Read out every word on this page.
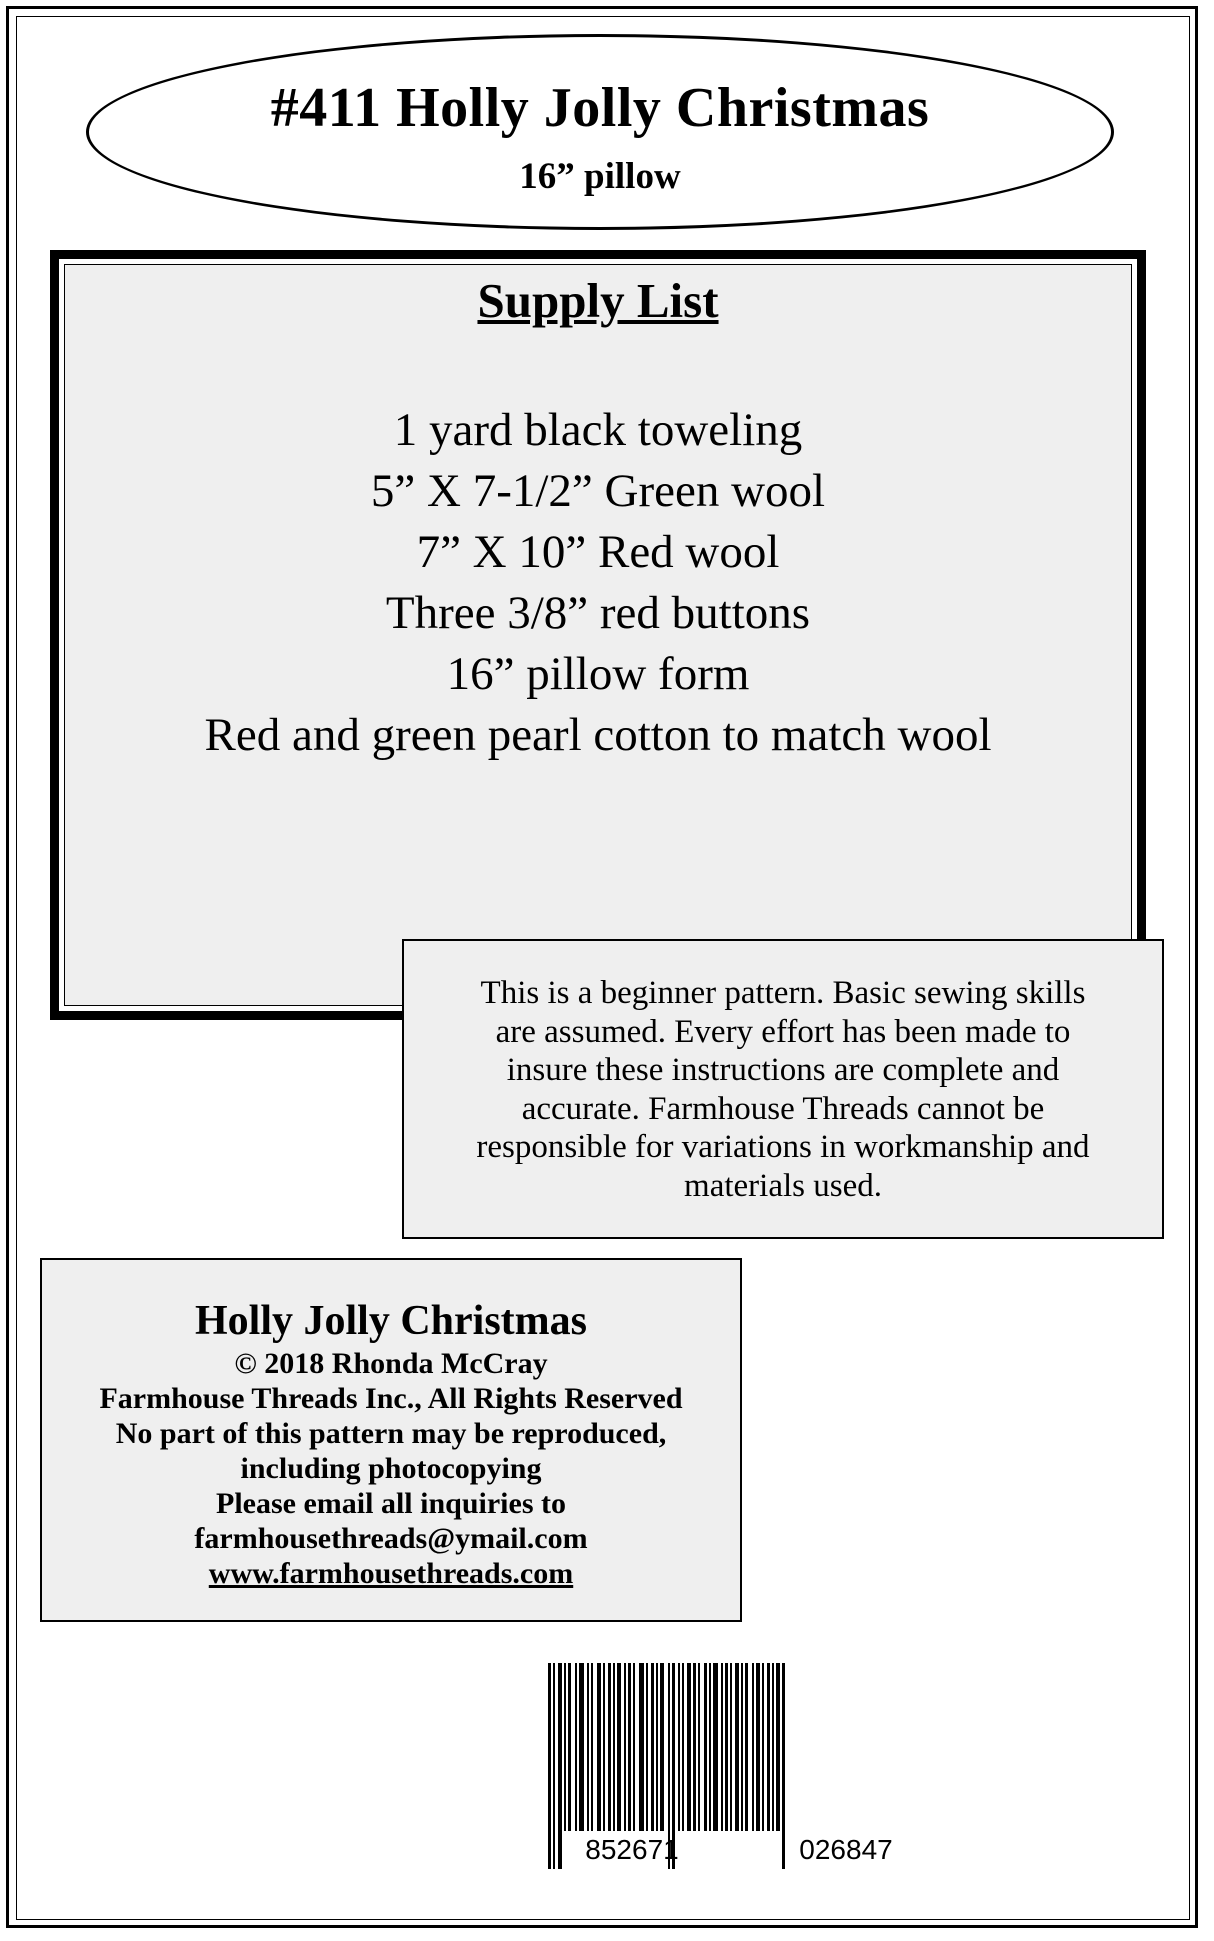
#411 Holly Jolly Christmas
16” pillow
Supply List
1 yard black toweling
5” X 7-1/2” Green wool
7” X 10” Red wool
Three 3/8” red buttons
16” pillow form
Red and green pearl cotton to match wool
This is a beginner pattern. Basic sewing skills
are assumed. Every effort has been made to
insure these instructions are complete and
accurate. Farmhouse Threads cannot be
responsible for variations in workmanship and
materials used.
Holly Jolly Christmas
© 2018 Rhonda McCray
Farmhouse Threads Inc., All Rights Reserved
No part of this pattern may be reproduced,
including photocopying
Please email all inquiries to
farmhousethreads@ymail.com
www.farmhousethreads.com
852671	026847
